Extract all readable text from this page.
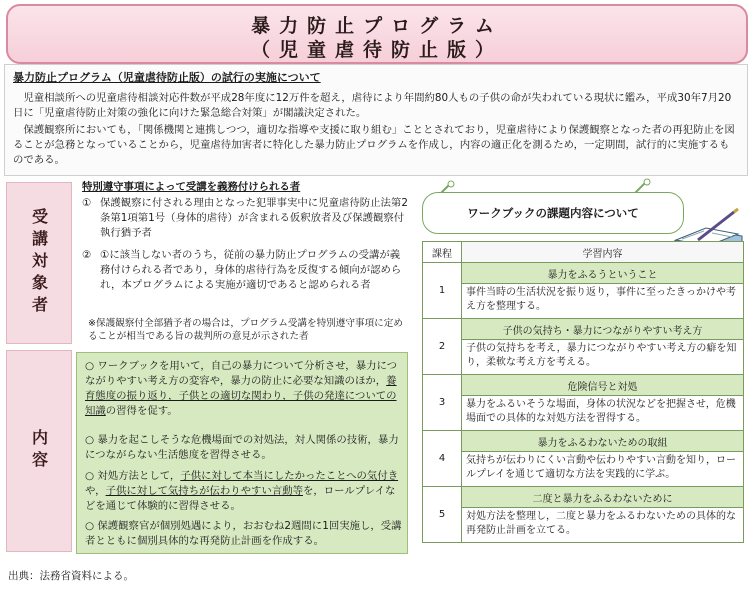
暴力防止プログラム
（児童虐待防止版）
暴力防止プログラム（児童虐待防止版）の試行の実施について
　児童相談所への児童虐待相談対応件数が平成28年度に12万件を超え，虐待により年間約80人もの子供の命が失われている現状に鑑み，平成30年7月20日に「児童虐待防止対策の強化に向けた緊急総合対策」が閣議決定された。
　保護観察所においても，「関係機関と連携しつつ，適切な指導や支援に取り組む」こととされており，児童虐待により保護観察となった者の再犯防止を図ることが急務となっていることから，児童虐待加害者に特化した暴力防止プログラムを作成し，内容の適正化を測るため，一定期間，試行的に実施するものである。
受講対象者
特別遵守事項によって受講を義務付けられる者
① 保護観察に付される理由となった犯罪事実中に児童虐待防止法第2条第1項第1号（身体的虐待）が含まれる仮釈放者及び保護観察付執行猶予者
② ①に該当しない者のうち，従前の暴力防止プログラムの受講が義務付けられる者であり，身体的虐待行為を反復する傾向が認められ，本プログラムによる実施が適切であると認められる者
※保護観察付全部猶予者の場合は，プログラム受講を特別遵守事項に定めることが相当である旨の裁判所の意見が示された者
内容

○ ワークブックを用いて，自己の暴力について分析させ，暴力につながりやすい考え方の変容や，暴力の防止に必要な知識のほか，養育態度の振り返り，子供との適切な関わり，子供の発達についての知識の習得を促す。

○ 暴力を起こしそうな危機場面での対処法，対人関係の技術，暴力につながらない生活態度を習得させる。

○ 対処方法として，子供に対して本当にしたかったことへの気付きや，子供に対して気持ちが伝わりやすい言動等を，ロールプレイなどを通じて体験的に習得させる。

○ 保護観察官が個別処遇により，おおむね2週間に1回実施し，受講者とともに個別具体的な再発防止計画を作成する。

ワークブックの課題内容について
課程	学習内容
1	暴力をふるうということ
	事件当時の生活状況を振り返り，事件に至ったきっかけや考え方を整理する。
2	子供の気持ち・暴力につながりやすい考え方
	子供の気持ちを考え，暴力につながりやすい考え方の癖を知り，柔軟な考え方を考える。
3	危険信号と対処
	暴力をふるいそうな場面，身体の状況などを把握させ，危機場面での具体的な対処方法を習得する。
4	暴力をふるわないための取組
	気持ちが伝わりにくい言動や伝わりやすい言動を知り，ロールプレイを通じて適切な方法を実践的に学ぶ。
5	二度と暴力をふるわないために
	対処方法を整理し，二度と暴力をふるわないための具体的な再発防止計画を立てる。
出典：法務省資料による。
